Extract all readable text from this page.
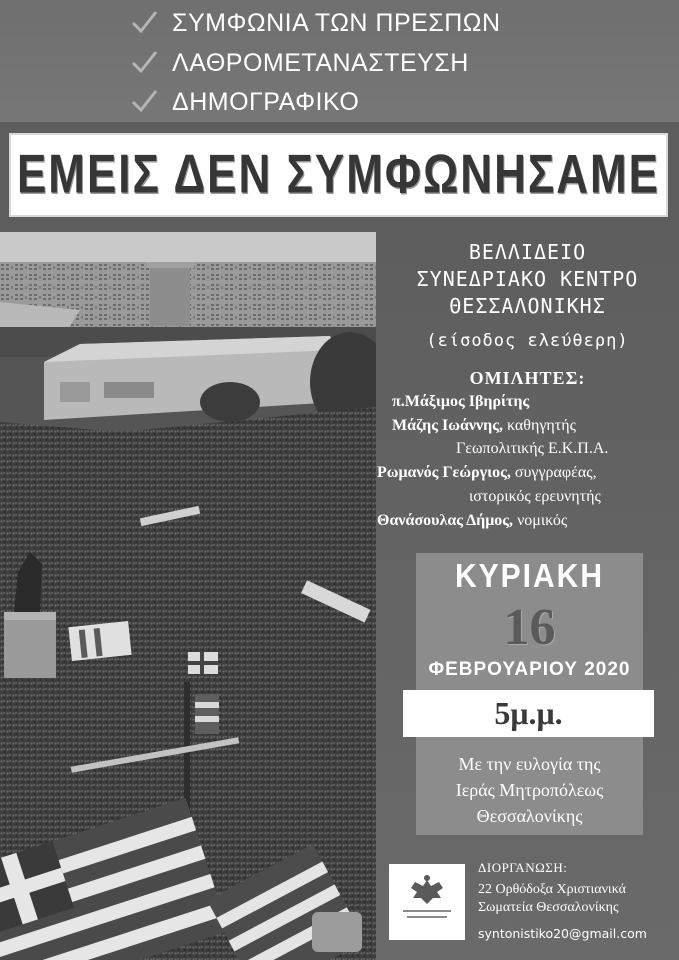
ΣΥΜΦΩΝΙΑ ΤΩΝ ΠΡΕΣΠΩΝ
ΛΑΘΡΟΜΕΤΑΝΑΣΤΕΥΣΗ
ΔΗΜΟΓΡΑΦΙΚΟ
ΕΜΕΙΣ ΔΕΝ ΣΥΜΦΩΝΗΣΑΜΕ
ΒΕΛΛΙΔΕΙΟ
ΣΥΝΕΔΡΙΑΚΟ ΚΕΝΤΡΟ
ΘΕΣΣΑΛΟΝΙΚΗΣ
(είσοδος ελεύθερη)
ΟΜΙΛΗΤΕΣ:
π.Μάξιμος Ιβηρίτης
Μάζης Ιωάννης, καθηγητής
Γεωπολιτικής Ε.Κ.Π.Α.
Ρωμανός Γεώργιος, συγγραφέας,
ιστορικός ερευνητής
Θανάσουλας Δήμος, νομικός
ΚΥΡΙΑΚΗ
16
ΦΕΒΡΟΥΑΡΙΟΥ 2020
5μ.μ.
Με την ευλογία της
Ιεράς Μητροπόλεως
Θεσσαλονίκης
ΔΙΟΡΓΑΝΩΣΗ:
22 Ορθόδοξα Χριστιανικά
Σωματεία Θεσσαλονίκης
syntonistiko20@gmail.com
